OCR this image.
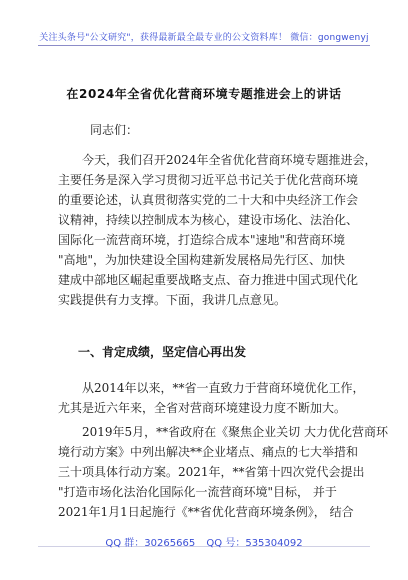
关注头条号"公文研究"，获得最新最全最专业的公文资料库！ 微信：gongwenyj
在2024年全省优化营商环境专题推进会上的讲话
同志们：
今天，我们召开2024年全省优化营商环境专题推进会，
主要任务是深入学习贯彻习近平总书记关于优化营商环境
的重要论述，认真贯彻落实党的二十大和中央经济工作会
议精神，持续以控制成本为核心，建设市场化、法治化、
国际化一流营商环境，打造综合成本"速地"和营商环境
"高地"，为加快建设全国构建新发展格局先行区、加快
建成中部地区崛起重要战略支点、奋力推进中国式现代化
实践提供有力支撑。下面，我讲几点意见。
一、肯定成绩，坚定信心再出发
从2014年以来，**省一直致力于营商环境优化工作，
尤其是近六年来，全省对营商环境建设力度不断加大。
2019年5月，**省政府在《聚焦企业关切 大力优化营商环
境行动方案》中列出解决**企业堵点、痛点的七大举措和
三十项具体行动方案。2021年，**省第十四次党代会提出
"打造市场化法治化国际化一流营商环境"目标， 并于
2021年1月1日起施行《**省优化营商环境条例》， 结合
QQ 群：30265665 QQ 号：535304092
